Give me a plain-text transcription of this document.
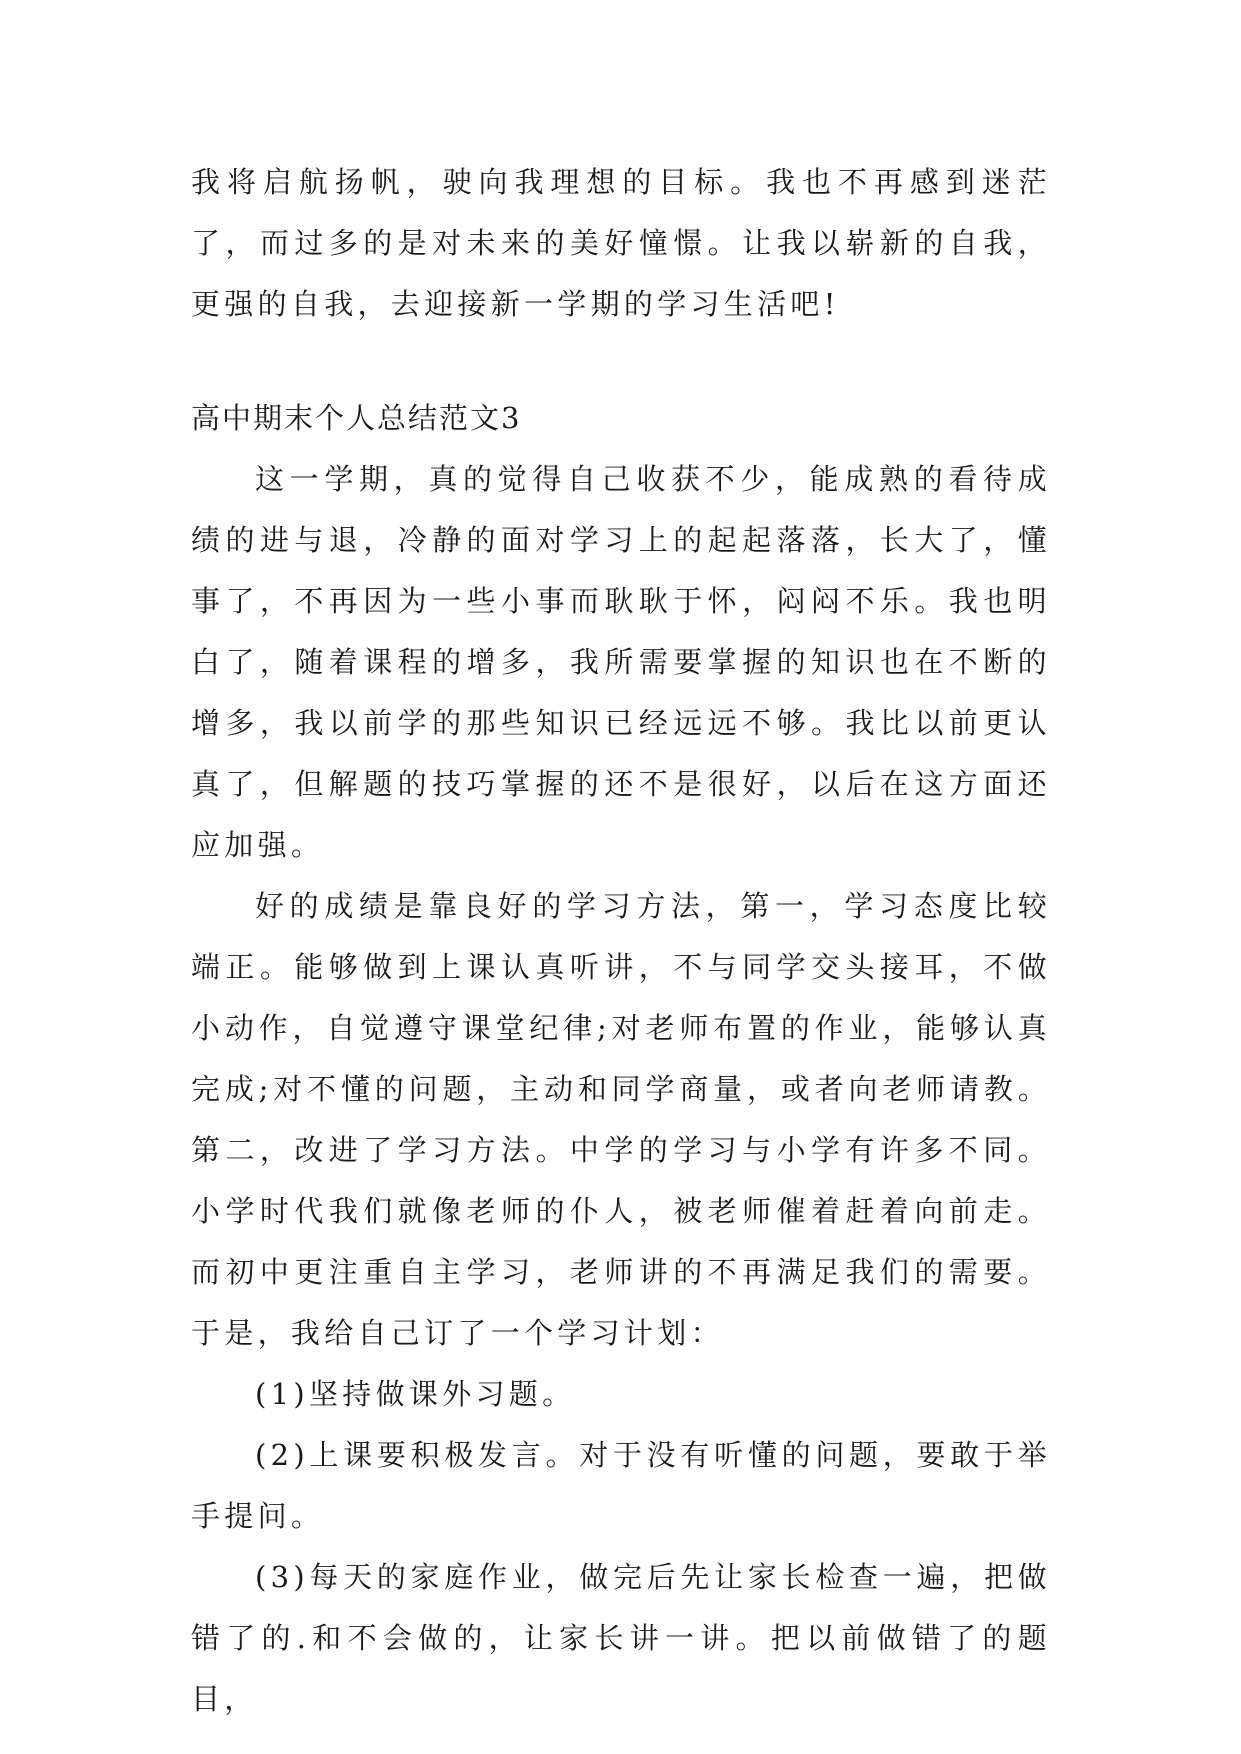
我将启航扬帆，驶向我理想的目标。我也不再感到迷茫了，而过多的是对未来的美好憧憬。让我以崭新的自我，更强的自我，去迎接新一学期的学习生活吧!

高中期末个人总结范文3

这一学期，真的觉得自己收获不少，能成熟的看待成绩的进与退，冷静的面对学习上的起起落落，长大了，懂事了，不再因为一些小事而耿耿于怀，闷闷不乐。我也明白了，随着课程的增多，我所需要掌握的知识也在不断的增多，我以前学的那些知识已经远远不够。我比以前更认真了，但解题的技巧掌握的还不是很好，以后在这方面还应加强。

好的成绩是靠良好的学习方法，第一，学习态度比较端正。能够做到上课认真听讲，不与同学交头接耳，不做小动作，自觉遵守课堂纪律;对老师布置的作业，能够认真完成;对不懂的问题，主动和同学商量，或者向老师请教。第二，改进了学习方法。中学的学习与小学有许多不同。小学时代我们就像老师的仆人，被老师催着赶着向前走。而初中更注重自主学习，老师讲的不再满足我们的需要。于是，我给自己订了一个学习计划：

(1)坚持做课外习题。

(2)上课要积极发言。对于没有听懂的问题，要敢于举手提问。

(3)每天的家庭作业，做完后先让家长检查一遍，把做错了的.和不会做的，让家长讲一讲。把以前做错了的题目，
